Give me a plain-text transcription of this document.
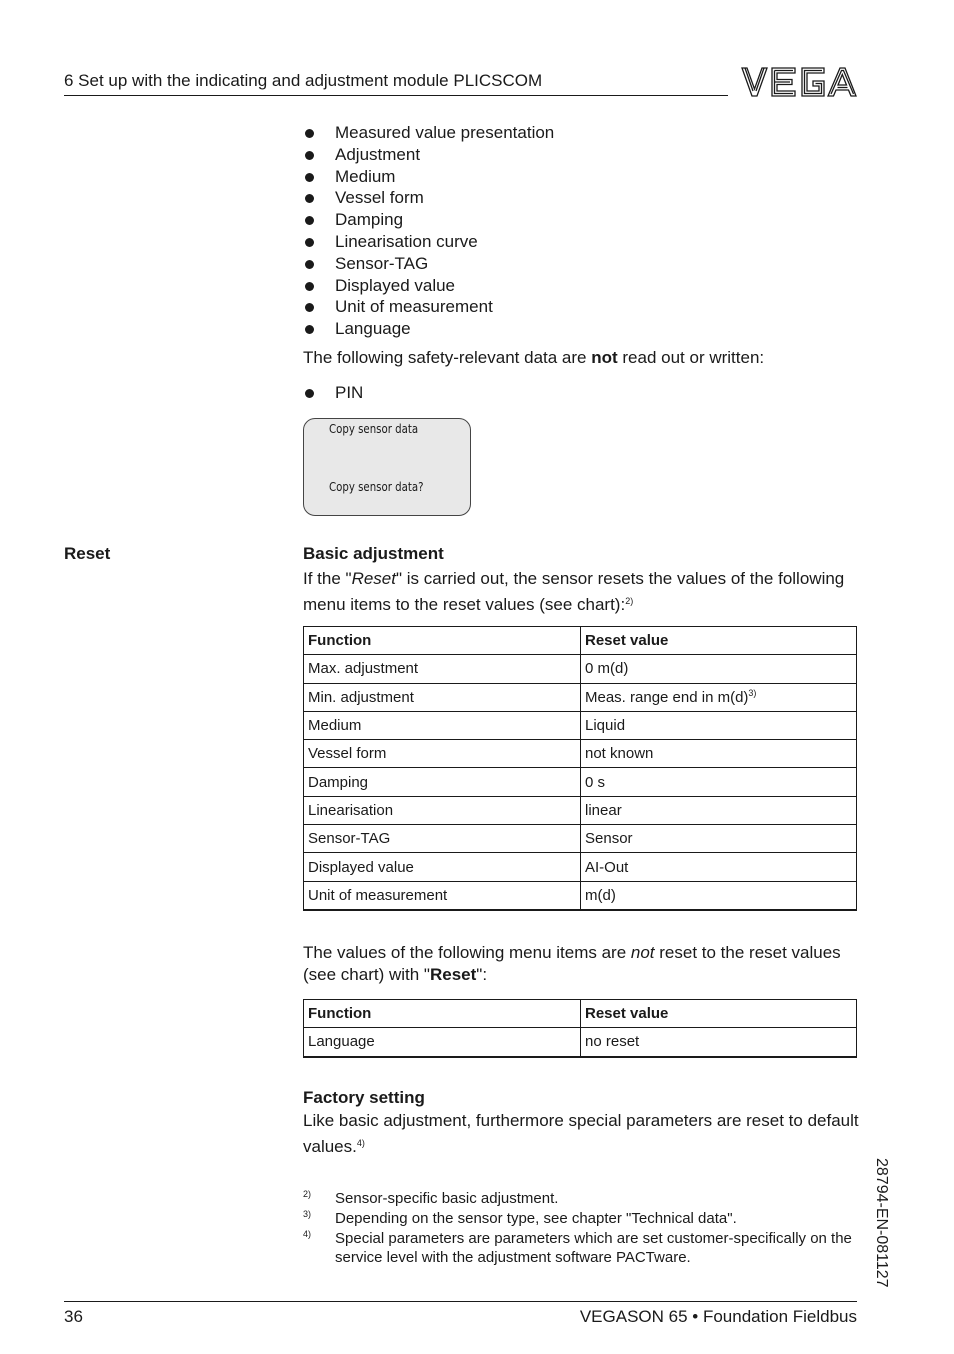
6 Set up with the indicating and adjustment module PLICSCOM
Measured value presentation
Adjustment
Medium
Vessel form
Damping
Linearisation curve
Sensor-TAG
Displayed value
Unit of measurement
Language
The following safety-relevant data are not read out or written:
PIN
Copy sensor data
Copy sensor data?
Reset	Basic adjustment
If the "Reset" is carried out, the sensor resets the values of the following menu items to the reset values (see chart):$^{2)}$
Function	Reset value
Max. adjustment	0 m(d)
Min. adjustment	Meas. range end in $m(d)^{3)}$
Medium	Liquid
Vessel form	not known
Damping	0 s
Linearisation	linear
Sensor-TAG	Sensor
Displayed value	AI-Out
Unit of measurement	m(d)
The values of the following menu items are not reset to the reset values (see chart) with "Reset":
Function	Reset value
Language	no reset
Factory setting
Like basic adjustment, furthermore special parameters are reset to default values.$^{4)}$
2) Sensor-specific basic adjustment.
3) Depending on the sensor type, see chapter "Technical data".
4) Special parameters are parameters which are set customer-specifically on the service level with the adjustment software PACTware.	28794-EN-081127
36	VEGASON 65 • Foundation Fieldbus
